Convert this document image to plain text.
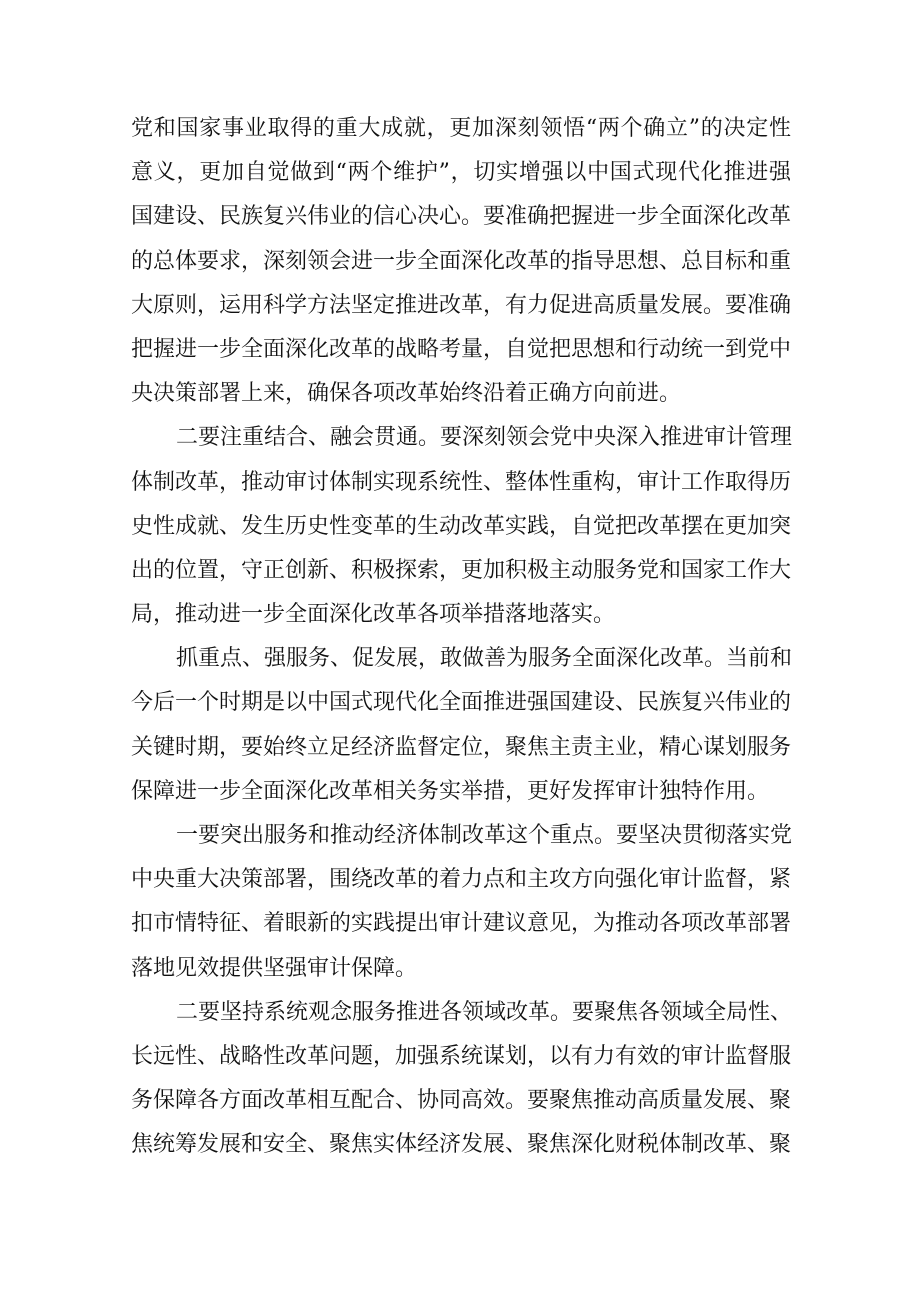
党和国家事业取得的重大成就，更加深刻领悟“两个确立”的决定性
意义，更加自觉做到“两个维护”，切实增强以中国式现代化推进强
国建设、民族复兴伟业的信心决心。要准确把握进一步全面深化改革
的总体要求，深刻领会进一步全面深化改革的指导思想、总目标和重
大原则，运用科学方法坚定推进改革，有力促进高质量发展。要准确
把握进一步全面深化改革的战略考量，自觉把思想和行动统一到党中
央决策部署上来，确保各项改革始终沿着正确方向前进。
二要注重结合、融会贯通。要深刻领会党中央深入推进审计管理
体制改革，推动审讨体制实现系统性、整体性重构，审计工作取得历
史性成就、发生历史性变革的生动改革实践，自觉把改革摆在更加突
出的位置，守正创新、积极探索，更加积极主动服务党和国家工作大
局，推动进一步全面深化改革各项举措落地落实。
抓重点、强服务、促发展，敢做善为服务全面深化改革。当前和
今后一个时期是以中国式现代化全面推进强国建设、民族复兴伟业的
关键时期，要始终立足经济监督定位，聚焦主责主业，精心谋划服务
保障进一步全面深化改革相关务实举措，更好发挥审计独特作用。
一要突出服务和推动经济体制改革这个重点。要坚决贯彻落实党
中央重大决策部署，围绕改革的着力点和主攻方向强化审计监督，紧
扣市情特征、着眼新的实践提出审计建议意见，为推动各项改革部署
落地见效提供坚强审计保障。
二要坚持系统观念服务推进各领域改革。要聚焦各领域全局性、
长远性、战略性改革问题，加强系统谋划，以有力有效的审计监督服
务保障各方面改革相互配合、协同高效。要聚焦推动高质量发展、聚
焦统筹发展和安全、聚焦实体经济发展、聚焦深化财税体制改革、聚
